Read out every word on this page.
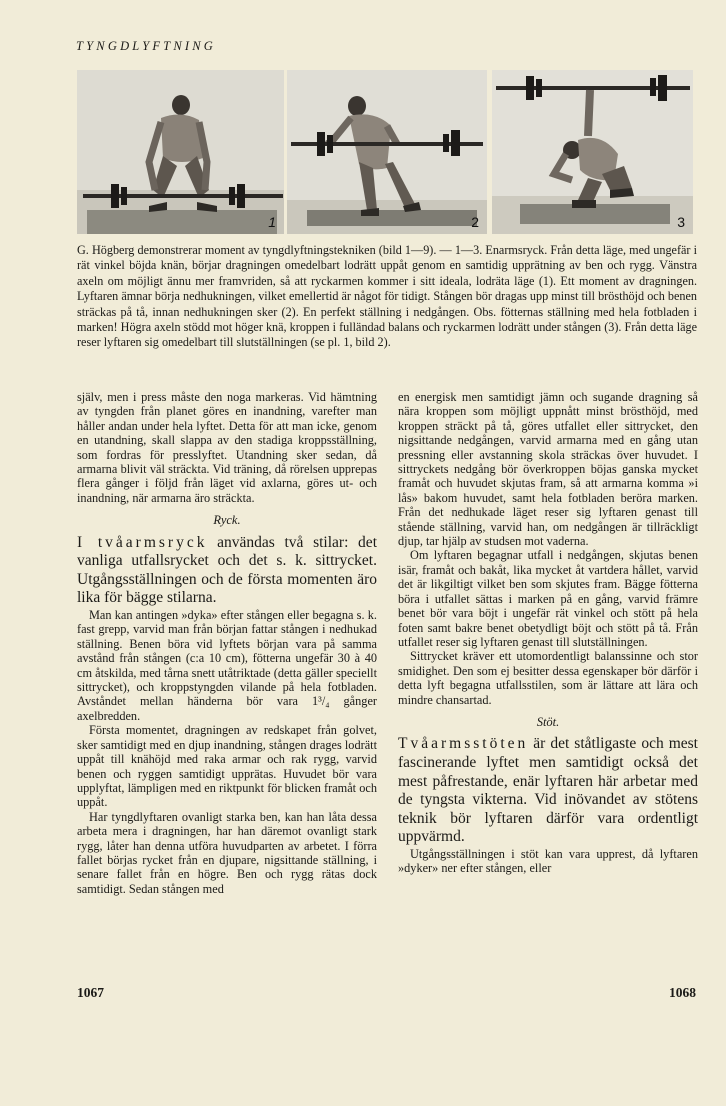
TYNGDLYFTNING
1	2	3

G. Högberg demonstrerar moment av tyngdlyftningstekniken (bild 1—9). — 1—3. Enarmsryck. Från detta läge, med ungefär i rät vinkel böjda knän, börjar dragningen omedelbart lodrätt uppåt genom en samtidig upprätning av ben och rygg. Vänstra axeln om möjligt ännu mer framvriden, så att ryckarmen kommer i sitt ideala, lodräta läge (1). Ett moment av dragningen. Lyftaren ämnar börja nedhukningen, vilket emellertid är något för tidigt. Stången bör dragas upp minst till brösthöjd och benen sträckas på tå, innan nedhukningen sker (2). En perfekt ställning i nedgången. Obs. fötternas ställning med hela fotbladen i marken! Högra axeln stödd mot höger knä, kroppen i fulländad balans och ryckarmen lodrätt under stången (3). Från detta läge reser lyftaren sig omedelbart till slutställningen (se pl. 1, bild 2).

själv, men i press måste den noga markeras. Vid hämtning av tyngden från planet göres en inandning, varefter man håller andan under hela lyftet. Detta för att man icke, genom en utandning, skall slappa av den stadiga kroppsställning, som fordras för presslyftet. Utandning sker sedan, då armarna blivit väl sträckta. Vid träning, då rörelsen upprepas flera gånger i följd från läget vid axlarna, göres ut- och inandning, när armarna äro sträckta.

Ryck.

I tvåarmsryck användas två stilar: det vanliga utfallsrycket och det s. k. sittrycket. Utgångsställningen och de första momenten äro lika för bägge stilarna.

Man kan antingen »dyka» efter stången eller begagna s. k. fast grepp, varvid man från början fattar stången i nedhukad ställning. Benen böra vid lyftets början vara på samma avstånd från stången (c:a 10 cm), fötterna ungefär 30 à 40 cm åtskilda, med tårna snett utåtriktade (detta gäller speciellt sittrycket), och kroppstyngden vilande på hela fotbladen. Avståndet mellan händerna bör vara 1³/₄ gånger axelbredden.

Första momentet, dragningen av redskapet från golvet, sker samtidigt med en djup inandning, stången drages lodrätt uppåt till knähöjd med raka armar och rak rygg, varvid benen och ryggen samtidigt upprätas. Huvudet bör vara upplyftat, lämpligen med en riktpunkt för blicken framåt och uppåt.

Har tyngdlyftaren ovanligt starka ben, kan han låta dessa arbeta mera i dragningen, har han däremot ovanligt stark rygg, låter han denna utföra huvudparten av arbetet. I förra fallet börjas rycket från en djupare, nigsittande ställning, i senare fallet från en högre. Ben och rygg rätas dock samtidigt. Sedan stången med

en energisk men samtidigt jämn och sugande dragning så nära kroppen som möjligt uppnått minst brösthöjd, med kroppen sträckt på tå, göres utfallet eller sittrycket, den nigsittande nedgången, varvid armarna med en gång utan pressning eller avstanning skola sträckas över huvudet. I sittryckets nedgång bör överkroppen böjas ganska mycket framåt och huvudet skjutas fram, så att armarna komma »i lås» bakom huvudet, samt hela fotbladen beröra marken. Från det nedhukade läget reser sig lyftaren genast till stående ställning, varvid han, om nedgången är tillräckligt djup, tar hjälp av studsen mot vaderna.

Om lyftaren begagnar utfall i nedgången, skjutas benen isär, framåt och bakåt, lika mycket åt vartdera hållet, varvid det är likgiltigt vilket ben som skjutes fram. Bägge fötterna böra i utfallet sättas i marken på en gång, varvid främre benet bör vara böjt i ungefär rät vinkel och stött på hela foten samt bakre benet obetydligt böjt och stött på tå. Från utfallet reser sig lyftaren genast till slutställningen.

Sittrycket kräver ett utomordentligt balanssinne och stor smidighet. Den som ej besitter dessa egenskaper bör därför i detta lyft begagna utfallsstilen, som är lättare att lära och mindre chansartad.

Stöt.

Tvåarmsstöten är det ståtligaste och mest fascinerande lyftet men samtidigt också det mest påfrestande, enär lyftaren här arbetar med de tyngsta vikterna. Vid inövandet av stötens teknik bör lyftaren därför vara ordentligt uppvärmd.

Utgångsställningen i stöt kan vara upprest, då lyftaren »dyker» ner efter stången, eller

1067	1068
